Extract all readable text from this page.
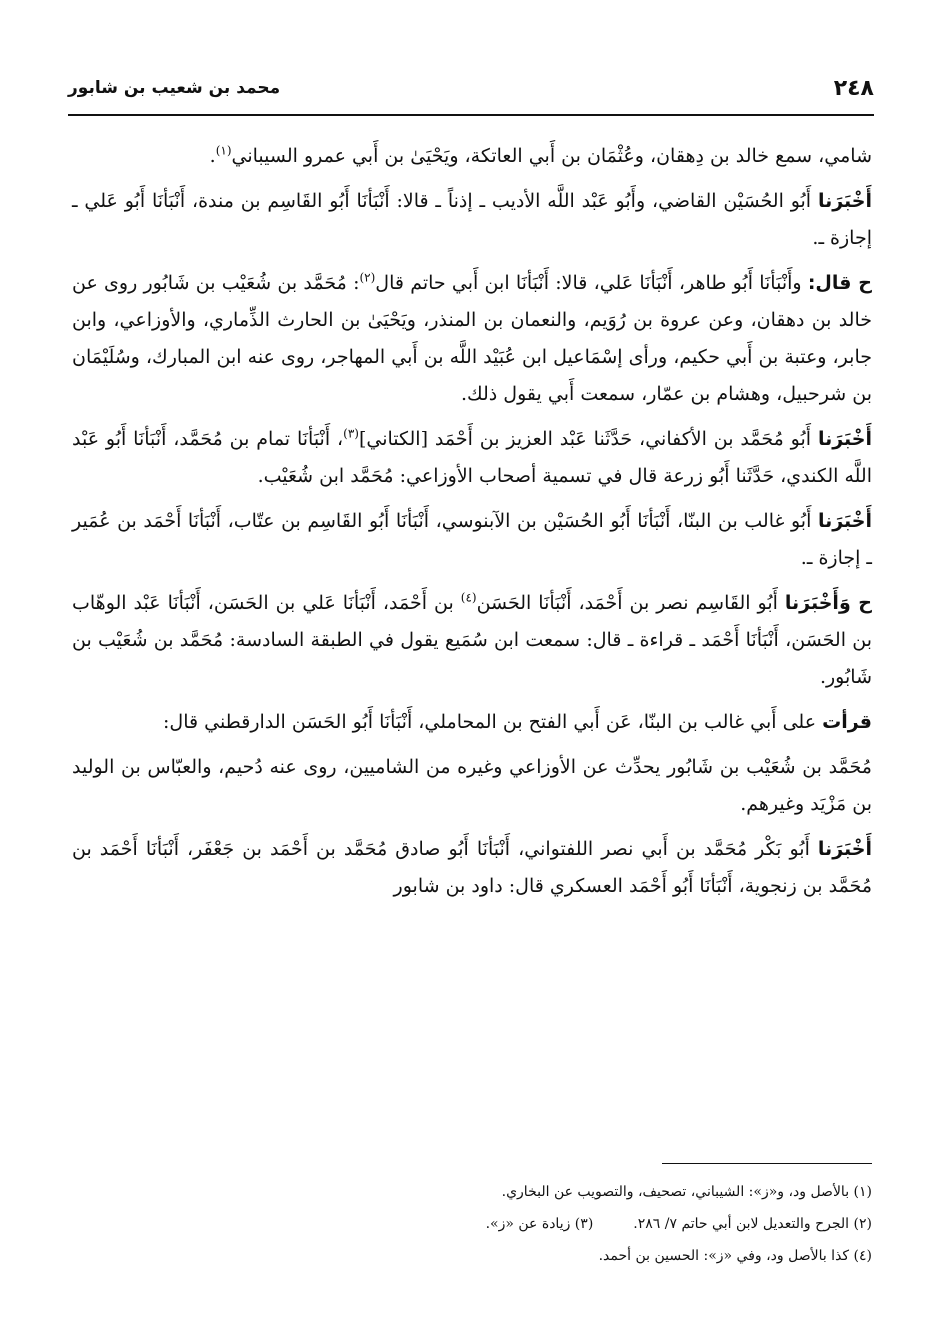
٢٤٨
محمد بن شعيب بن شابور

شامي، سمع خالد بن دِهقان، وعُثْمَان بن أَبي العاتكة، ويَحْيَىٰ بن أَبي عمرو السيباني$^{(١)}$.

أَخْبَرَنا أَبُو الحُسَيْن القاضي، وأَبُو عَبْد اللَّه الأديب ـ إذناً ـ قالا: أَنْبَأنَا أَبُو القَاسِم بن مندة، أَنْبَأنَا أَبُو عَلي ـ إجازة ـ.

ح قال: وأَنْبَأنَا أَبُو طاهر، أَنْبَأنَا عَلي، قالا: أَنْبَأنَا ابن أَبي حاتم قال$^{(٢)}$: مُحَمَّد بن شُعَيْب بن شَابُور روى عن خالد بن دهقان، وعن عروة بن رُوَيم، والنعمان بن المنذر، ويَحْيَىٰ بن الحارث الذِّماري، والأوزاعي، وابن جابر، وعتبة بن أَبي حكيم، ورأى إسْمَاعيل ابن عُبَيْد اللَّه بن أَبي المهاجر، روى عنه ابن المبارك، وسُلَيْمَان بن شرحبيل، وهشام بن عمّار، سمعت أَبي يقول ذلك.

أَخْبَرَنا أَبُو مُحَمَّد بن الأكفاني، حَدَّثَنا عَبْد العزيز بن أَحْمَد [الكتاني]$^{(٣)}$، أَنْبَأنَا تمام بن مُحَمَّد، أَنْبَأنَا أَبُو عَبْد اللَّه الكندي، حَدَّثَنا أَبُو زرعة قال في تسمية أصحاب الأوزاعي: مُحَمَّد ابن شُعَيْب.

أَخْبَرَنا أَبُو غالب بن البنّا، أَنْبَأنَا أَبُو الحُسَيْن بن الآبنوسي، أَنْبَأنَا أَبُو القَاسِم بن عتّاب، أَنْبَأنَا أَحْمَد بن عُمَير ـ إجازة ـ.

ح وَأَخْبَرَنا أَبُو القَاسِم نصر بن أَحْمَد، أَنْبَأنَا الحَسَن$^{(٤)}$ بن أَحْمَد، أَنْبَأنَا عَلي بن الحَسَن، أَنْبَأنَا عَبْد الوهّاب بن الحَسَن، أَنْبَأنَا أَحْمَد ـ قراءة ـ قال: سمعت ابن سُمَيع يقول في الطبقة السادسة: مُحَمَّد بن شُعَيْب بن شَابُور.

قرأت على أَبي غالب بن البنّا، عَن أَبي الفتح بن المحاملي، أَنْبَأنَا أَبُو الحَسَن الدارقطني قال:

مُحَمَّد بن شُعَيْب بن شَابُور يحدِّث عن الأوزاعي وغيره من الشاميين، روى عنه دُحيم، والعبّاس بن الوليد بن مَزْيَد وغيرهم.

أَخْبَرَنا أَبُو بَكْر مُحَمَّد بن أَبي نصر اللفتواني، أَنْبَأنَا أَبُو صادق مُحَمَّد بن أَحْمَد بن جَعْفَر، أَنْبَأنَا أَحْمَد بن مُحَمَّد بن زنجوية، أَنْبَأنَا أَبُو أَحْمَد العسكري قال: داود بن شابور

(١) بالأصل ود، و«ز»: الشيباني، تصحيف، والتصويب عن البخاري.
(٢) الجرح والتعديل لابن أبي حاتم ٧/ ٢٨٦.(٣) زيادة عن «ز».
(٤) كذا بالأصل ود، وفي «ز»: الحسين بن أحمد.
